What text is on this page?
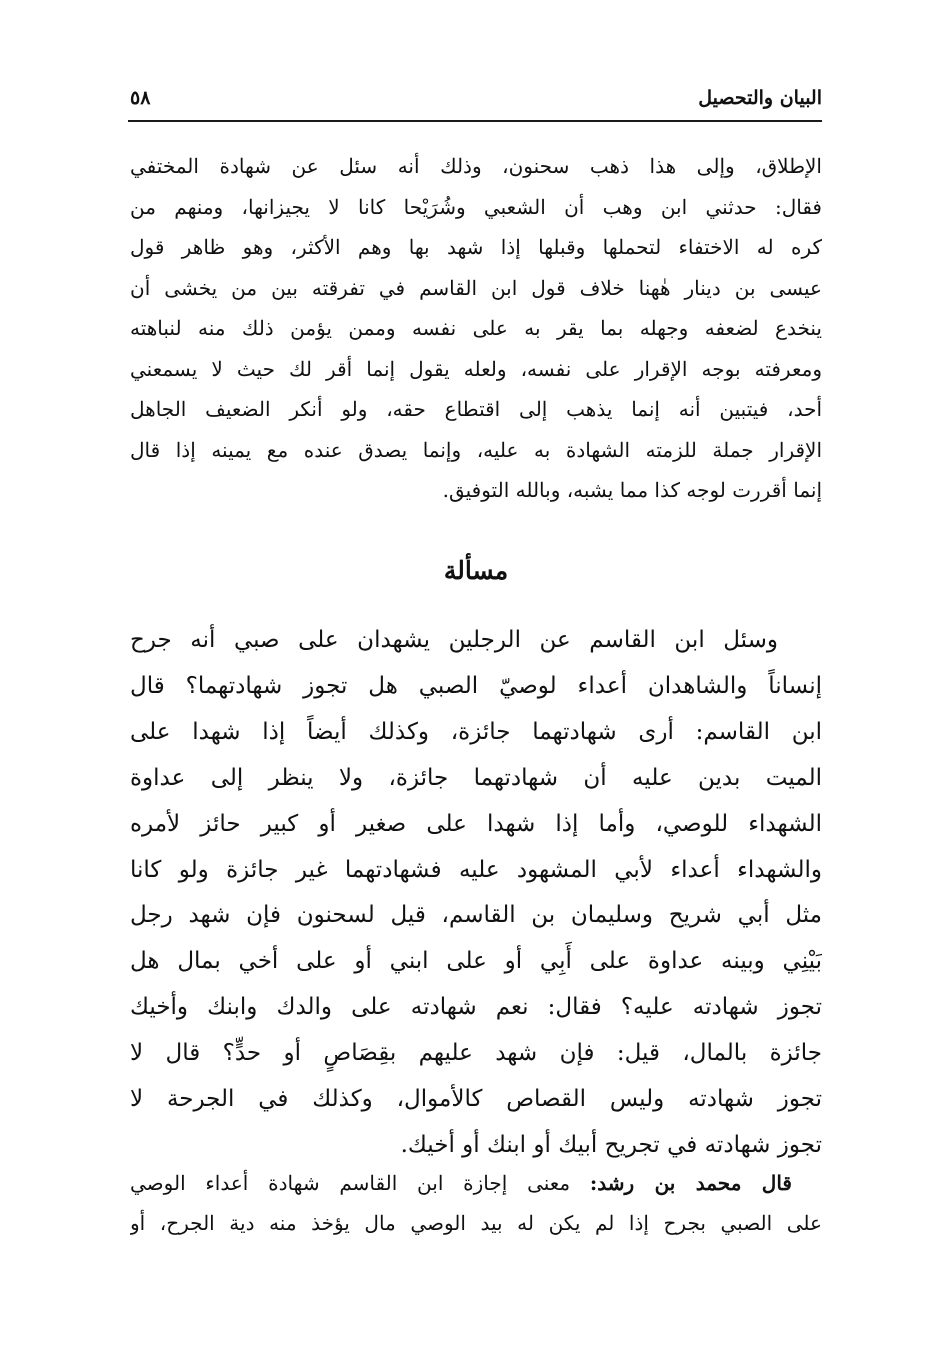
البيان والتحصيل
٥٨
الإطلاق، وإلى هذا ذهب سحنون، وذلك أنه سئل عن شهادة المختفي
فقال: حدثني ابن وهب أن الشعبي وشُرَيْحا كانا لا يجيزانها، ومنهم من
كره له الاختفاء لتحملها وقبلها إذا شهد بها وهم الأكثر، وهو ظاهر قول
عيسى بن دينار هٰهنا خلاف قول ابن القاسم في تفرقته بين من يخشى أن
ينخدع لضعفه وجهله بما يقر به على نفسه وممن يؤمن ذلك منه لنباهته
ومعرفته بوجه الإقرار على نفسه، ولعله يقول إنما أقر لك حيث لا يسمعني
أحد، فيتبين أنه إنما يذهب إلى اقتطاع حقه، ولو أنكر الضعيف الجاهل
الإقرار جملة للزمته الشهادة به عليه، وإنما يصدق عنده مع يمينه إذا قال
إنما أقررت لوجه كذا مما يشبه، وبالله التوفيق.
مسألة
وسئل ابن القاسم عن الرجلين يشهدان على صبي أنه جرح
إنساناً والشاهدان أعداء لوصيّ الصبي هل تجوز شهادتهما؟ قال
ابن القاسم: أرى شهادتهما جائزة، وكذلك أيضاً إذا شهدا على
الميت بدين عليه أن شهادتهما جائزة، ولا ينظر إلى عداوة
الشهداء للوصي، وأما إذا شهدا على صغير أو كبير حائز لأمره
والشهداء أعداء لأبي المشهود عليه فشهادتهما غير جائزة ولو كانا
مثل أبي شريح وسليمان بن القاسم، قيل لسحنون فإن شهد رجل
بَيْنِي وبينه عداوة على أَبِي أو على ابني أو على أخي بمال هل
تجوز شهادته عليه؟ فقال: نعم شهادته على والدك وابنك وأخيك
جائزة بالمال، قيل: فإن شهد عليهم بقِصَاصٍ أو حدٍّ؟ قال لا
تجوز شهادته وليس القصاص كالأموال، وكذلك في الجرحة لا
تجوز شهادته في تجريح أبيك أو ابنك أو أخيك.
قال محمد بن رشد: معنى إجازة ابن القاسم شهادة أعداء الوصي
على الصبي بجرح إذا لم يكن له بيد الوصي مال يؤخذ منه دية الجرح، أو
